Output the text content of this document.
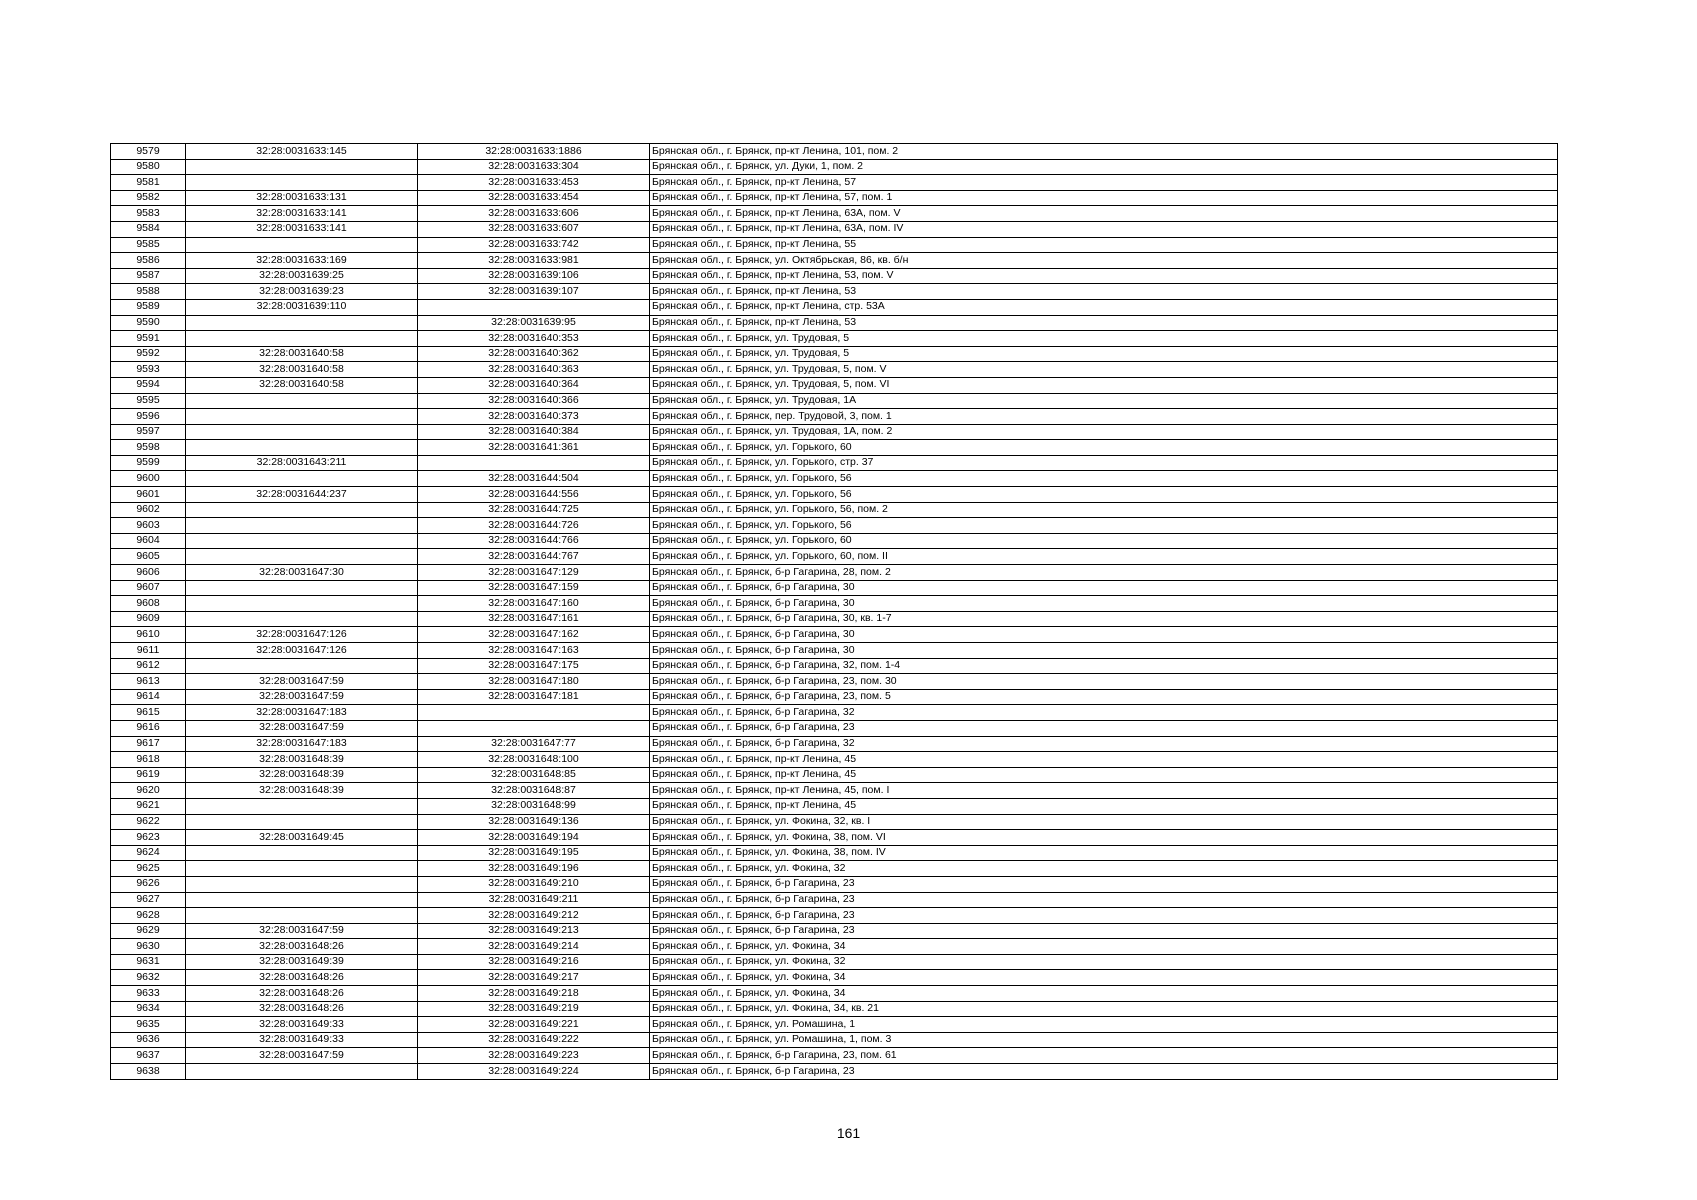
9579	32:28:0031633:145	32:28:0031633:1886	Брянская обл., г. Брянск, пр-кт Ленина, 101, пом. 2
9580		32:28:0031633:304	Брянская обл., г. Брянск, ул. Дуки, 1, пом. 2
9581		32:28:0031633:453	Брянская обл., г. Брянск, пр-кт Ленина, 57
9582	32:28:0031633:131	32:28:0031633:454	Брянская обл., г. Брянск, пр-кт Ленина, 57, пом. 1
9583	32:28:0031633:141	32:28:0031633:606	Брянская обл., г. Брянск, пр-кт Ленина, 63А, пом. V
9584	32:28:0031633:141	32:28:0031633:607	Брянская обл., г. Брянск, пр-кт Ленина, 63А, пом. IV
9585		32:28:0031633:742	Брянская обл., г. Брянск, пр-кт Ленина, 55
9586	32:28:0031633:169	32:28:0031633:981	Брянская обл., г. Брянск, ул. Октябрьская, 86, кв. б/н
9587	32:28:0031639:25	32:28:0031639:106	Брянская обл., г. Брянск, пр-кт Ленина, 53, пом. V
9588	32:28:0031639:23	32:28:0031639:107	Брянская обл., г. Брянск, пр-кт Ленина, 53
9589	32:28:0031639:110		Брянская обл., г. Брянск, пр-кт Ленина, стр. 53А
9590		32:28:0031639:95	Брянская обл., г. Брянск, пр-кт Ленина, 53
9591		32:28:0031640:353	Брянская обл., г. Брянск, ул. Трудовая, 5
9592	32:28:0031640:58	32:28:0031640:362	Брянская обл., г. Брянск, ул. Трудовая, 5
9593	32:28:0031640:58	32:28:0031640:363	Брянская обл., г. Брянск, ул. Трудовая, 5, пом. V
9594	32:28:0031640:58	32:28:0031640:364	Брянская обл., г. Брянск, ул. Трудовая, 5, пом. VI
9595		32:28:0031640:366	Брянская обл., г. Брянск, ул. Трудовая, 1А
9596		32:28:0031640:373	Брянская обл., г. Брянск, пер. Трудовой, 3, пом. 1
9597		32:28:0031640:384	Брянская обл., г. Брянск, ул. Трудовая, 1А, пом. 2
9598		32:28:0031641:361	Брянская обл., г. Брянск, ул. Горького, 60
9599	32:28:0031643:211		Брянская обл., г. Брянск, ул. Горького, стр. 37
9600		32:28:0031644:504	Брянская обл., г. Брянск, ул. Горького, 56
9601	32:28:0031644:237	32:28:0031644:556	Брянская обл., г. Брянск, ул. Горького, 56
9602		32:28:0031644:725	Брянская обл., г. Брянск, ул. Горького, 56, пом. 2
9603		32:28:0031644:726	Брянская обл., г. Брянск, ул. Горького, 56
9604		32:28:0031644:766	Брянская обл., г. Брянск, ул. Горького, 60
9605		32:28:0031644:767	Брянская обл., г. Брянск, ул. Горького, 60, пом. II
9606	32:28:0031647:30	32:28:0031647:129	Брянская обл., г. Брянск, б-р Гагарина, 28, пом. 2
9607		32:28:0031647:159	Брянская обл., г. Брянск, б-р Гагарина, 30
9608		32:28:0031647:160	Брянская обл., г. Брянск, б-р Гагарина, 30
9609		32:28:0031647:161	Брянская обл., г. Брянск, б-р Гагарина, 30, кв. 1-7
9610	32:28:0031647:126	32:28:0031647:162	Брянская обл., г. Брянск, б-р Гагарина, 30
9611	32:28:0031647:126	32:28:0031647:163	Брянская обл., г. Брянск, б-р Гагарина, 30
9612		32:28:0031647:175	Брянская обл., г. Брянск, б-р Гагарина, 32, пом. 1-4
9613	32:28:0031647:59	32:28:0031647:180	Брянская обл., г. Брянск, б-р Гагарина, 23, пом. 30
9614	32:28:0031647:59	32:28:0031647:181	Брянская обл., г. Брянск, б-р Гагарина, 23, пом. 5
9615	32:28:0031647:183		Брянская обл., г. Брянск, б-р Гагарина, 32
9616	32:28:0031647:59		Брянская обл., г. Брянск, б-р Гагарина, 23
9617	32:28:0031647:183	32:28:0031647:77	Брянская обл., г. Брянск, б-р Гагарина, 32
9618	32:28:0031648:39	32:28:0031648:100	Брянская обл., г. Брянск, пр-кт Ленина, 45
9619	32:28:0031648:39	32:28:0031648:85	Брянская обл., г. Брянск, пр-кт Ленина, 45
9620	32:28:0031648:39	32:28:0031648:87	Брянская обл., г. Брянск, пр-кт Ленина, 45, пом. I
9621		32:28:0031648:99	Брянская обл., г. Брянск, пр-кт Ленина, 45
9622		32:28:0031649:136	Брянская обл., г. Брянск, ул. Фокина, 32, кв. I
9623	32:28:0031649:45	32:28:0031649:194	Брянская обл., г. Брянск, ул. Фокина, 38, пом. VI
9624		32:28:0031649:195	Брянская обл., г. Брянск, ул. Фокина, 38, пом. IV
9625		32:28:0031649:196	Брянская обл., г. Брянск, ул. Фокина, 32
9626		32:28:0031649:210	Брянская обл., г. Брянск, б-р Гагарина, 23
9627		32:28:0031649:211	Брянская обл., г. Брянск, б-р Гагарина, 23
9628		32:28:0031649:212	Брянская обл., г. Брянск, б-р Гагарина, 23
9629	32:28:0031647:59	32:28:0031649:213	Брянская обл., г. Брянск, б-р Гагарина, 23
9630	32:28:0031648:26	32:28:0031649:214	Брянская обл., г. Брянск, ул. Фокина, 34
9631	32:28:0031649:39	32:28:0031649:216	Брянская обл., г. Брянск, ул. Фокина, 32
9632	32:28:0031648:26	32:28:0031649:217	Брянская обл., г. Брянск, ул. Фокина, 34
9633	32:28:0031648:26	32:28:0031649:218	Брянская обл., г. Брянск, ул. Фокина, 34
9634	32:28:0031648:26	32:28:0031649:219	Брянская обл., г. Брянск, ул. Фокина, 34, кв. 21
9635	32:28:0031649:33	32:28:0031649:221	Брянская обл., г. Брянск, ул. Ромашина, 1
9636	32:28:0031649:33	32:28:0031649:222	Брянская обл., г. Брянск, ул. Ромашина, 1, пом. 3
9637	32:28:0031647:59	32:28:0031649:223	Брянская обл., г. Брянск, б-р Гагарина, 23, пом. 61
9638		32:28:0031649:224	Брянская обл., г. Брянск, б-р Гагарина, 23
161
